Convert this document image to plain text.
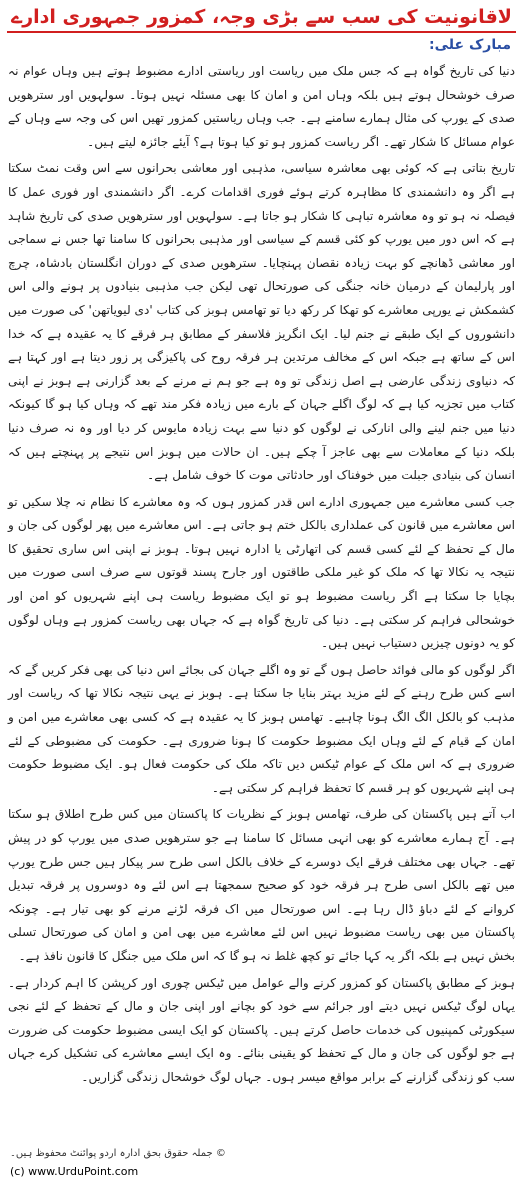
لاقانونیت کی سب سے بڑی وجہ، کمزور جمہوری ادارے
مبارک علی:

دنیا کی تاریخ گواہ ہے کہ جس ملک میں ریاست اور ریاستی ادارے مضبوط ہوتے ہیں وہاں عوام نہ صرف خوشحال ہوتے ہیں بلکہ وہاں امن و امان کا بھی مسئلہ نہیں ہوتا۔ سولہویں اور سترھویں صدی کے یورپ کی مثال ہمارے سامنے ہے۔ جب وہاں ریاستیں کمزور تھیں اس کی وجہ سے وہاں کے عوام مسائل کا شکار تھے۔ اگر ریاست کمزور ہو تو کیا ہوتا ہے؟ آیئے جائزہ لیتے ہیں۔

تاریخ بتاتی ہے کہ کوئی بھی معاشرہ سیاسی، مذہبی اور معاشی بحرانوں سے اس وقت نمٹ سکتا ہے اگر وہ دانشمندی کا مظاہرہ کرتے ہوئے فوری اقدامات کرے۔ اگر دانشمندی اور فوری عمل کا فیصلہ نہ ہو تو وہ معاشرہ تباہی کا شکار ہو جاتا ہے۔ سولہویں اور سترھویں صدی کی تاریخ شاہد ہے کہ اس دور میں یورپ کو کئی قسم کے سیاسی اور مذہبی بحرانوں کا سامنا تھا جس نے سماجی اور معاشی ڈھانچے کو بہت زیادہ نقصان پہنچایا۔ سترھویں صدی کے دوران انگلستان بادشاہ، چرچ اور پارلیمان کے درمیان خانہ جنگی کی صورتحال تھی لیکن جب مذہبی بنیادوں پر ہونے والی اس کشمکش نے یورپی معاشرے کو تھکا کر رکھ دیا تو تھامس ہوبز کی کتاب 'دی لیویاتھن' کی صورت میں دانشوروں کے ایک طبقے نے جنم لیا۔ ایک انگریز فلاسفر کے مطابق ہر فرقے کا یہ عقیدہ ہے کہ خدا اس کے ساتھ ہے جبکہ اس کے مخالف مرتدین ہر فرقہ روح کی پاکیزگی پر زور دیتا ہے اور کہتا ہے کہ دنیاوی زندگی عارضی ہے اصل زندگی تو وہ ہے جو ہم نے مرنے کے بعد گزارنی ہے ہوبز نے اپنی کتاب میں تجزیہ کیا ہے کہ لوگ اگلے جہان کے بارے میں زیادہ فکر مند تھے کہ وہاں کیا ہو گا کیونکہ دنیا میں جنم لینے والی انارکی نے لوگوں کو دنیا سے بہت زیادہ مایوس کر دیا اور وہ نہ صرف دنیا بلکہ دنیا کے معاملات سے بھی عاجز آ چکے ہیں۔ ان حالات میں ہوبز اس نتیجے پر پہنچتے ہیں کہ انسان کی بنیادی جبلت میں خوفناک اور حادثاتی موت کا خوف شامل ہے۔

جب کسی معاشرے میں جمہوری ادارے اس قدر کمزور ہوں کہ وہ معاشرے کا نظام نہ چلا سکیں تو اس معاشرے میں قانون کی عملداری بالکل ختم ہو جاتی ہے۔ اس معاشرے میں پھر لوگوں کی جان و مال کے تحفظ کے لئے کسی قسم کی اتھارٹی یا ادارہ نہیں ہوتا۔ ہوبز نے اپنی اس ساری تحقیق کا نتیجہ یہ نکالا تھا کہ ملک کو غیر ملکی طاقتوں اور جارح پسند قوتوں سے صرف اسی صورت میں بچایا جا سکتا ہے اگر ریاست مضبوط ہو تو ایک مضبوط ریاست ہی اپنے شہریوں کو امن اور خوشحالی فراہم کر سکتی ہے۔ دنیا کی تاریخ گواہ ہے کہ جہاں بھی ریاست کمزور ہے وہاں لوگوں کو یہ دونوں چیزیں دستیاب نہیں ہیں۔

اگر لوگوں کو مالی فوائد حاصل ہوں گے تو وہ اگلے جہان کی بجائے اس دنیا کی بھی فکر کریں گے کہ اسے کس طرح رہنے کے لئے مزید بہتر بنایا جا سکتا ہے۔ ہوبز نے یہی نتیجہ نکالا تھا کہ ریاست اور مذہب کو بالکل الگ الگ ہونا چاہیے۔ تھامس ہوبز کا یہ عقیدہ ہے کہ کسی بھی معاشرے میں امن و امان کے قیام کے لئے وہاں ایک مضبوط حکومت کا ہونا ضروری ہے۔ حکومت کی مضبوطی کے لئے ضروری ہے کہ اس ملک کے عوام ٹیکس دیں تاکہ ملک کی حکومت فعال ہو۔ ایک مضبوط حکومت ہی اپنے شہریوں کو ہر قسم کا تحفظ فراہم کر سکتی ہے۔

اب آتے ہیں پاکستان کی طرف، تھامس ہوبز کے نظریات کا پاکستان میں کس طرح اطلاق ہو سکتا ہے۔ آج ہمارے معاشرے کو بھی انہی مسائل کا سامنا ہے جو سترھویں صدی میں یورپ کو در پیش تھے۔ جہاں بھی مختلف فرقے ایک دوسرے کے خلاف بالکل اسی طرح سر پیکار ہیں جس طرح یورپ میں تھے بالکل اسی طرح ہر فرقہ خود کو صحیح سمجھتا ہے اس لئے وہ دوسروں پر فرقہ تبدیل کروانے کے لئے دباؤ ڈال رہا ہے۔ اس صورتحال میں اک فرقہ لڑنے مرنے کو بھی تیار ہے۔ چونکہ پاکستان میں بھی ریاست مضبوط نہیں اس لئے معاشرے میں بھی امن و امان کی صورتحال تسلی بخش نہیں ہے بلکہ اگر یہ کہا جائے تو کچھ غلط نہ ہو گا کہ اس ملک میں جنگل کا قانون نافذ ہے۔

ہوبز کے مطابق پاکستان کو کمزور کرنے والے عوامل میں ٹیکس چوری اور کرپشن کا اہم کردار ہے۔ یہاں لوگ ٹیکس نہیں دیتے اور جرائم سے خود کو بچانے اور اپنی جان و مال کے تحفظ کے لئے نجی سیکورٹی کمپنیوں کی خدمات حاصل کرتے ہیں۔ پاکستان کو ایک ایسی مضبوط حکومت کی ضرورت ہے جو لوگوں کی جان و مال کے تحفظ کو یقینی بنائے۔ وہ ایک ایسے معاشرے کی تشکیل کرے جہاں سب کو زندگی گزارنے کے برابر مواقع میسر ہوں۔ جہاں لوگ خوشحال زندگی گزاریں۔

© جملہ حقوق بحق ادارہ اردو پوائنٹ محفوظ ہیں۔
(c) www.UrduPoint.com
